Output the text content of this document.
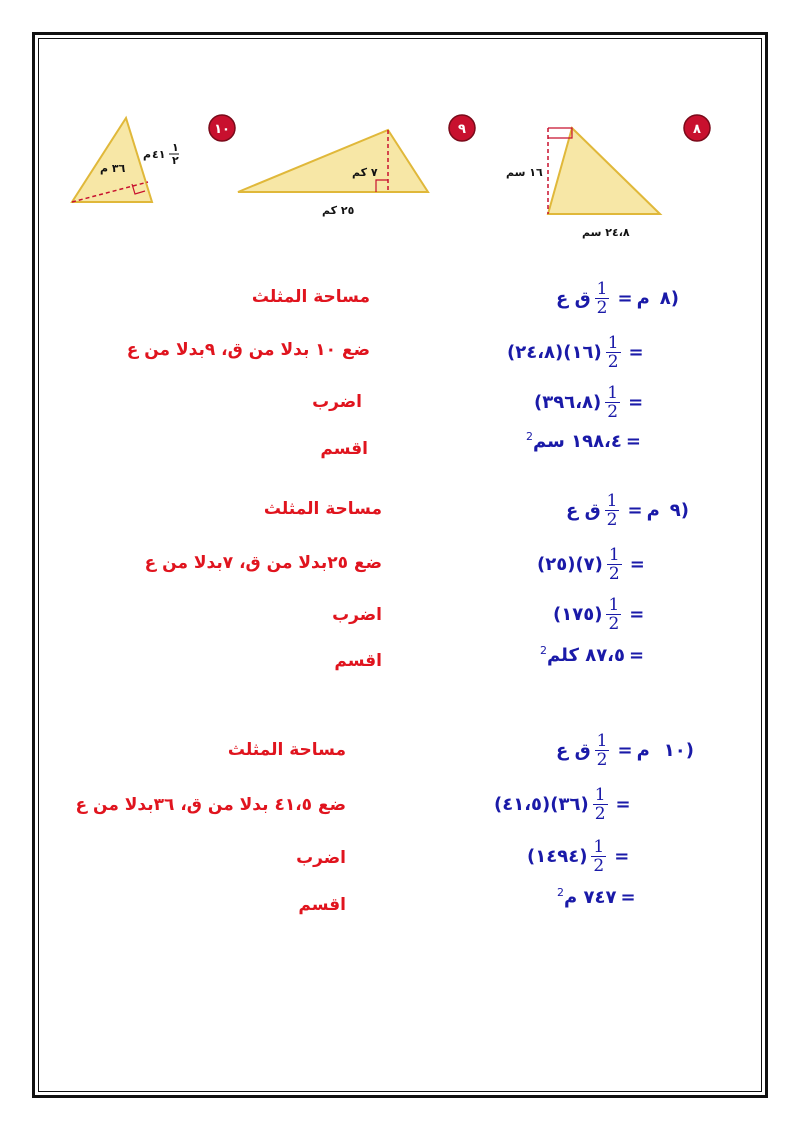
٣٦ م
م ٤١
١
٢
١٠
٧ كم
٢٥ كم
٩
١٦ سم
٢٤،٨ سم
٨
ق ع $\frac{1}{2}$ = م ٨)
مساحة المثلث
(٢٤،٨)(١٦) $\frac{1}{2}$ =
ضع ١٠ بدلا من ق، ٩بدلا من ع
(٣٩٦،٨) $\frac{1}{2}$ =
اضرب
$^2$١٩٨،٤ سم =
اقسم
ق ع $\frac{1}{2}$ = م ٩)
مساحة المثلث
(٢٥)(٧) $\frac{1}{2}$ =
ضع ٢٥بدلا من ق، ٧بدلا من ع
(١٧٥) $\frac{1}{2}$ =
اضرب
$^2$٨٧،٥ كلم =
اقسم
ق ع $\frac{1}{2}$ = م ١٠)
مساحة المثلث
(٤١،٥)(٣٦) $\frac{1}{2}$ =
ضع ٤١،٥ بدلا من ق، ٣٦بدلا من ع
(١٤٩٤) $\frac{1}{2}$ =
اضرب
$^2$٧٤٧ م =
اقسم
